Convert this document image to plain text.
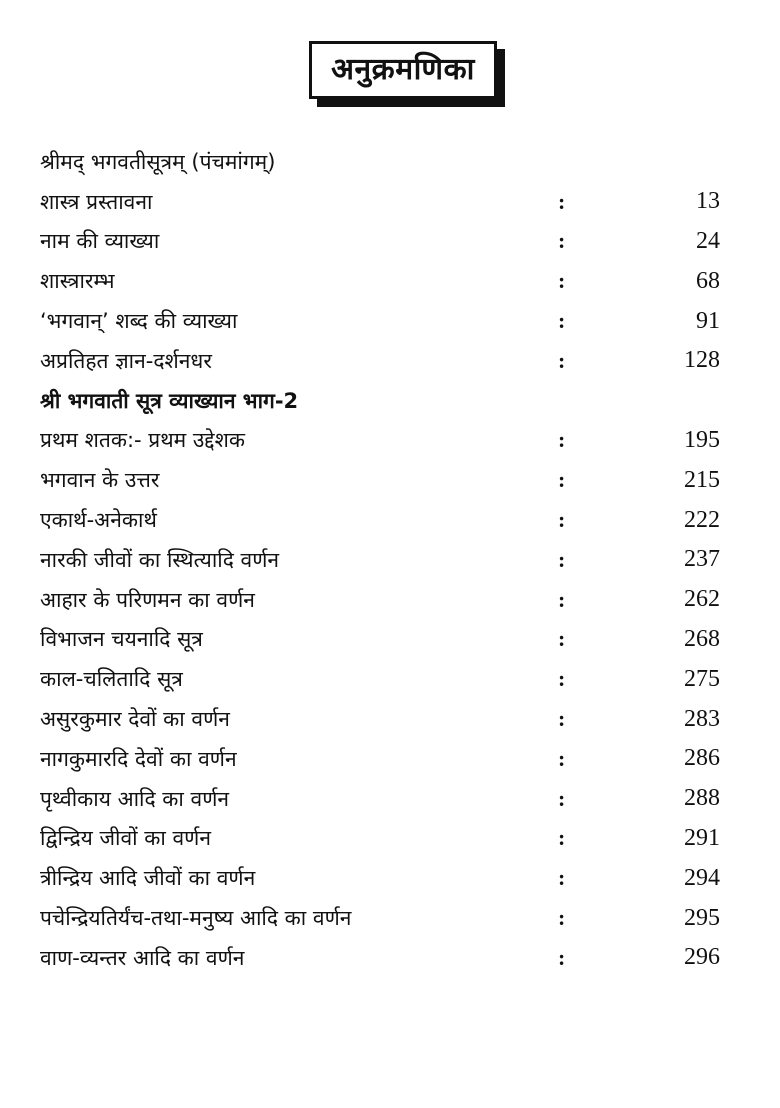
अनुक्रमणिका
श्रीमद् भगवतीसूत्रम् (पंचमांगम्)
शास्त्र प्रस्तावना	:	13
नाम की व्याख्या	:	24
शास्त्रारम्भ	:	68
‘भगवान्’ शब्द की व्याख्या	:	91
अप्रतिहत ज्ञान-दर्शनधर	:	128
श्री भगवाती सूत्र व्याख्यान भाग-2
प्रथम शतक:- प्रथम उद्देशक	:	195
भगवान के उत्तर	:	215
एकार्थ-अनेकार्थ	:	222
नारकी जीवों का स्थित्यादि वर्णन	:	237
आहार के परिणमन का वर्णन	:	262
विभाजन चयनादि सूत्र	:	268
काल-चलितादि सूत्र	:	275
असुरकुमार देवों का वर्णन	:	283
नागकुमारदि देवों का वर्णन	:	286
पृथ्वीकाय आदि का वर्णन	:	288
द्विन्द्रिय जीवों का वर्णन	:	291
त्रीन्द्रिय आदि जीवों का वर्णन	:	294
पचेन्द्रियतिर्यंच-तथा-मनुष्य आदि का वर्णन	:	295
वाण-व्यन्तर आदि का वर्णन	:	296
